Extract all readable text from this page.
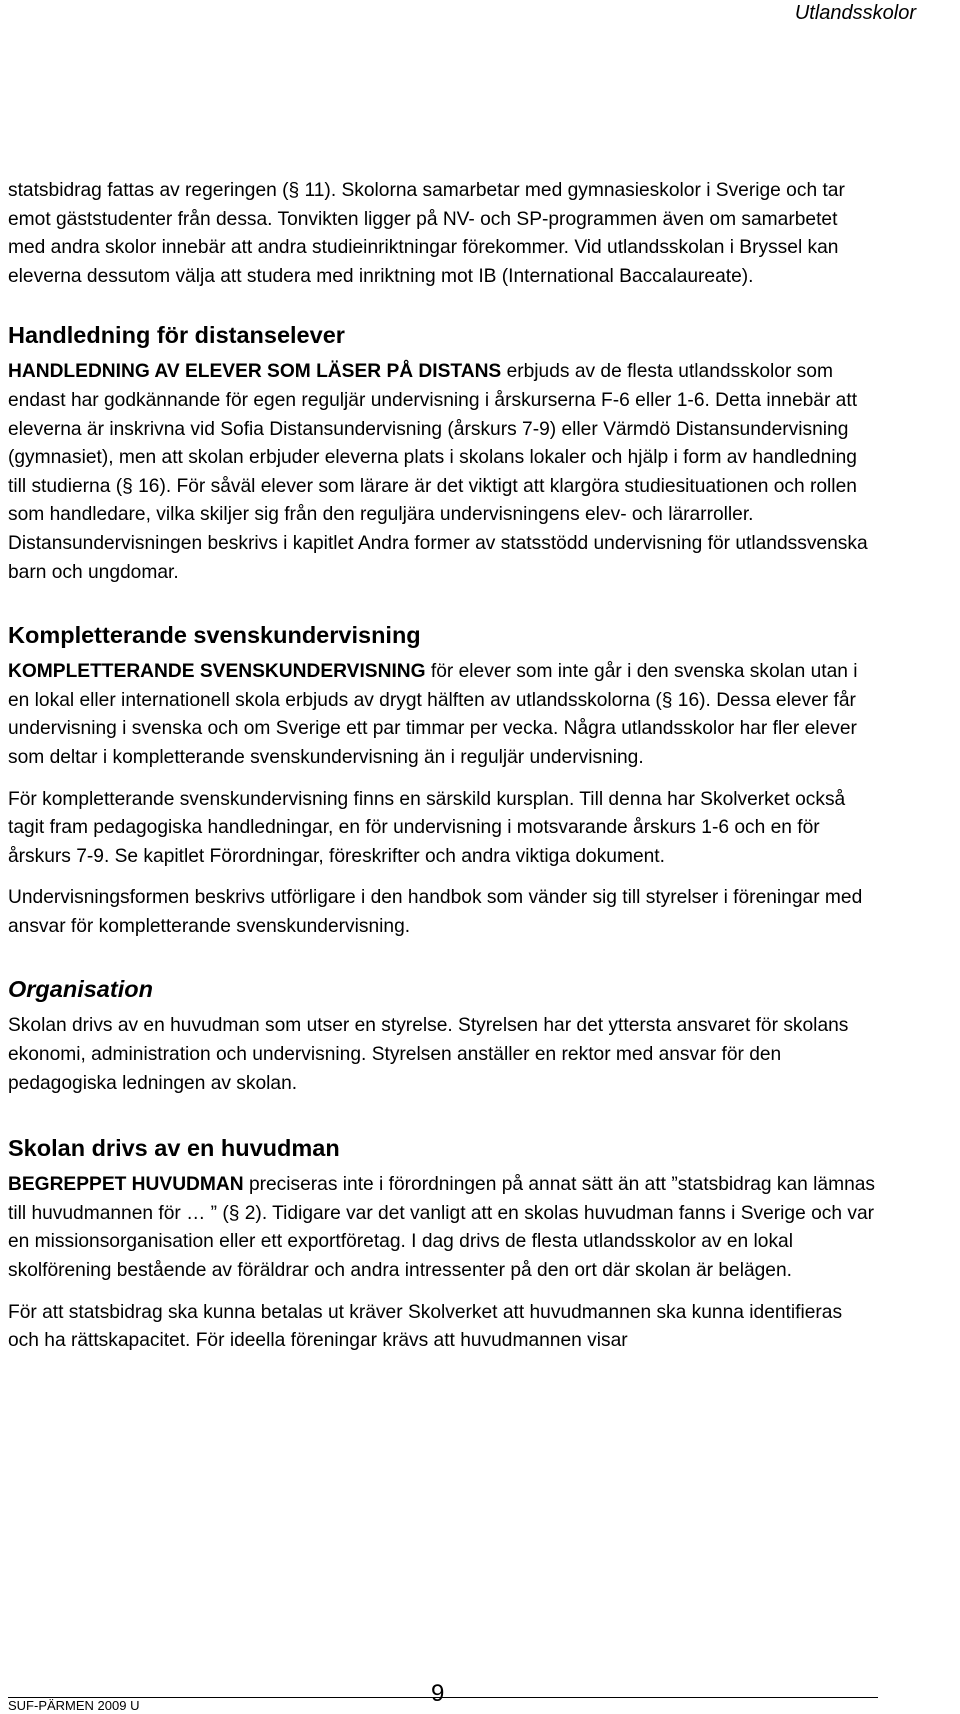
Utlandsskolor

statsbidrag fattas av regeringen (§ 11). Skolorna samarbetar med gymnasieskolor i Sverige och tar emot gäststudenter från dessa. Tonvikten ligger på NV- och SP-programmen även om samarbetet med andra skolor innebär att andra studieinriktningar förekommer. Vid utlandsskolan i Bryssel kan eleverna dessutom välja att studera med inriktning mot IB (International Baccalaureate).

Handledning för distanselever

HANDLEDNING AV ELEVER SOM LÄSER PÅ DISTANS erbjuds av de flesta utlandsskolor som endast har godkännande för egen reguljär undervisning i årskurserna F-6 eller 1-6. Detta innebär att eleverna är inskrivna vid Sofia Distansundervisning (årskurs 7-9) eller Värmdö Distansundervisning (gymnasiet), men att skolan erbjuder eleverna plats i skolans lokaler och hjälp i form av handledning till studierna (§ 16). För såväl elever som lärare är det viktigt att klargöra studiesituationen och rollen som handledare, vilka skiljer sig från den reguljära undervisningens elev- och lärarroller. Distansundervisningen beskrivs i kapitlet Andra former av statsstödd undervisning för utlandssvenska barn och ungdomar.

Kompletterande svenskundervisning

KOMPLETTERANDE SVENSKUNDERVISNING för elever som inte går i den svenska skolan utan i en lokal eller internationell skola erbjuds av drygt hälften av utlandsskolorna (§ 16). Dessa elever får undervisning i svenska och om Sverige ett par timmar per vecka. Några utlandsskolor har fler elever som deltar i kompletterande svenskundervisning än i reguljär undervisning.

För kompletterande svenskundervisning finns en särskild kursplan. Till denna har Skolverket också tagit fram pedagogiska handledningar, en för undervisning i motsvarande årskurs 1-6 och en för årskurs 7-9. Se kapitlet Förordningar, föreskrifter och andra viktiga dokument.

Undervisningsformen beskrivs utförligare i den handbok som vänder sig till styrelser i föreningar med ansvar för kompletterande svenskundervisning.

Organisation

Skolan drivs av en huvudman som utser en styrelse. Styrelsen har det yttersta ansvaret för skolans ekonomi, administration och undervisning. Styrelsen anställer en rektor med ansvar för den pedagogiska ledningen av skolan.

Skolan drivs av en huvudman

BEGREPPET HUVUDMAN preciseras inte i förordningen på annat sätt än att ”statsbidrag kan lämnas till huvudmannen för … ” (§ 2). Tidigare var det vanligt att en skolas huvudman fanns i Sverige och var en missionsorganisation eller ett exportföretag. I dag drivs de flesta utlandsskolor av en lokal skolförening bestående av föräldrar och andra intressenter på den ort där skolan är belägen.

För att statsbidrag ska kunna betalas ut kräver Skolverket att huvudmannen ska kunna identifieras och ha rättskapacitet. För ideella föreningar krävs att huvudmannen visar

SUF-PÄRMEN 2009 U	9
